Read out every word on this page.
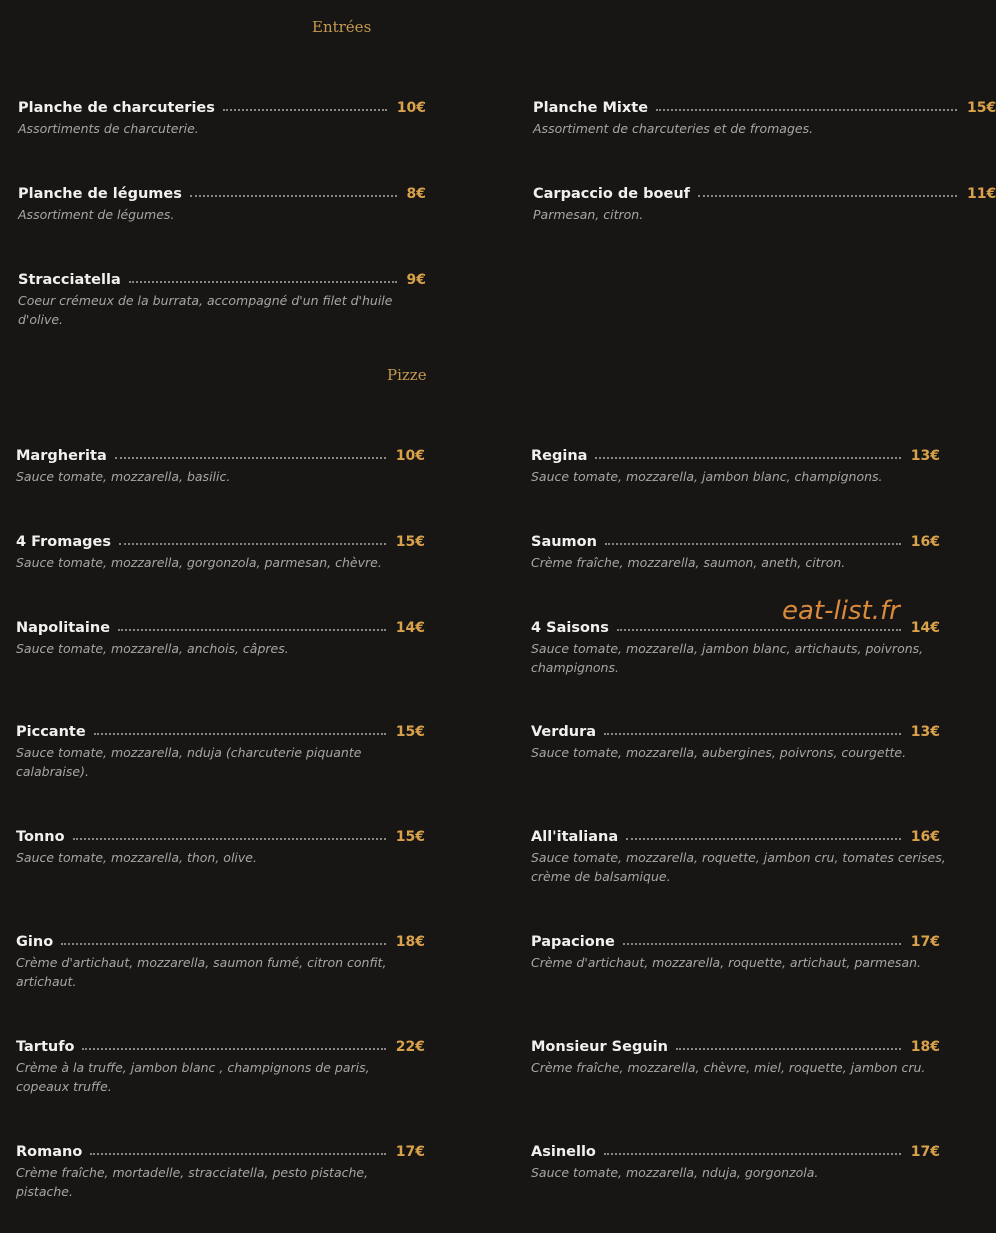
Entrées
Planche de charcuteries	10€
Assortiments de charcuterie.
Planche Mixte	15€
Assortiment de charcuteries et de fromages.
Planche de légumes	8€
Assortiment de légumes.
Carpaccio de boeuf	11€
Parmesan, citron.
Stracciatella	9€
Coeur crémeux de la burrata, accompagné d'un filet d'huile d'olive.
Pizze
Margherita	10€
Sauce tomate, mozzarella, basilic.
4 Fromages	15€
Sauce tomate, mozzarella, gorgonzola, parmesan, chèvre.
Napolitaine	14€
Sauce tomate, mozzarella, anchois, câpres.
Piccante	15€
Sauce tomate, mozzarella, nduja (charcuterie piquante calabraise).
Tonno	15€
Sauce tomate, mozzarella, thon, olive.
Gino	18€
Crème d'artichaut, mozzarella, saumon fumé, citron confit, artichaut.
Tartufo	22€
Crème à la truffe, jambon blanc , champignons de paris, copeaux truffe.
Romano	17€
Crème fraîche, mortadelle, stracciatella, pesto pistache, pistache.
Regina	13€
Sauce tomate, mozzarella, jambon blanc, champignons.
Saumon	16€
Crème fraîche, mozzarella, saumon, aneth, citron.
4 Saisons	14€
Sauce tomate, mozzarella, jambon blanc, artichauts, poivrons, champignons.
Verdura	13€
Sauce tomate, mozzarella, aubergines, poivrons, courgette.
All'italiana	16€
Sauce tomate, mozzarella, roquette, jambon cru, tomates cerises, crème de balsamique.
Papacione	17€
Crème d'artichaut, mozzarella, roquette, artichaut, parmesan.
Monsieur Seguin	18€
Crème fraîche, mozzarella, chèvre, miel, roquette, jambon cru.
Asinello	17€
Sauce tomate, mozzarella, nduja, gorgonzola.
eat-list.fr
